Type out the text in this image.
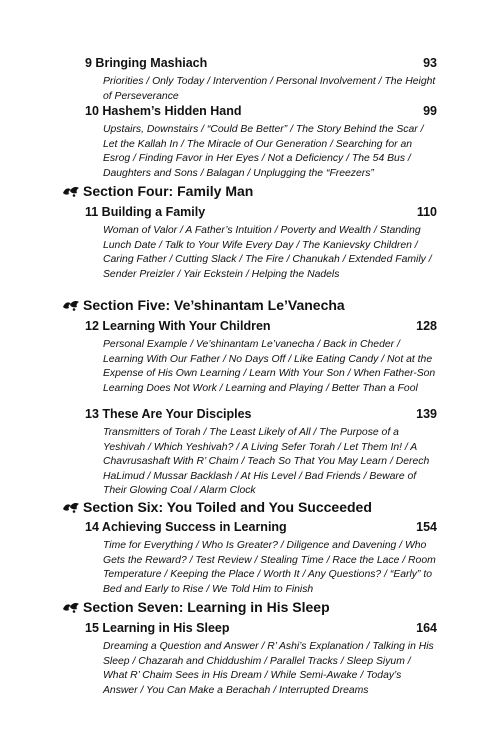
9 Bringing Mashiach	93
Priorities / Only Today / Intervention / Personal Involvement / The Height of Perseverance
10 Hashem’s Hidden Hand	99
Upstairs, Downstairs / “Could Be Better” / The Story Behind the Scar / Let the Kallah In / The Miracle of Our Generation / Searching for an Esrog / Finding Favor in Her Eyes / Not a Deficiency / The 54 Bus / Daughters and Sons / Balagan / Unplugging the “Freezers”
Section Four: Family Man
11 Building a Family	110
Woman of Valor / A Father’s Intuition / Poverty and Wealth / Standing Lunch Date / Talk to Your Wife Every Day / The Kanievsky Children / Caring Father / Cutting Slack / The Fire / Chanukah / Extended Family / Sender Preizler / Yair Eckstein / Helping the Nadels
Section Five: Ve’shinantam Le’Vanecha
12 Learning With Your Children	128
Personal Example / Ve’shinantam Le’vanecha / Back in Cheder / Learning With Our Father / No Days Off / Like Eating Candy / Not at the Expense of His Own Learning / Learn With Your Son / When Father-Son Learning Does Not Work / Learning and Playing / Better Than a Fool
13 These Are Your Disciples	139
Transmitters of Torah / The Least Likely of All / The Purpose of a Yeshivah / Which Yeshivah? / A Living Sefer Torah / Let Them In! / A Chavrusashaft With R’ Chaim / Teach So That You May Learn / Derech HaLimud / Mussar Backlash / At His Level / Bad Friends / Beware of Their Glowing Coal / Alarm Clock
Section Six: You Toiled and You Succeeded
14 Achieving Success in Learning	154
Time for Everything / Who Is Greater? / Diligence and Davening / Who Gets the Reward? / Test Review / Stealing Time / Race the Lace / Room Temperature / Keeping the Place / Worth It / Any Questions? / “Early” to Bed and Early to Rise / We Told Him to Finish
Section Seven: Learning in His Sleep
15 Learning in His Sleep	164
Dreaming a Question and Answer / R’ Ashi’s Explanation / Talking in His Sleep / Chazarah and Chiddushim / Parallel Tracks / Sleep Siyum / What R’ Chaim Sees in His Dream / While Semi-Awake / Today’s Answer / You Can Make a Berachah / Interrupted Dreams
